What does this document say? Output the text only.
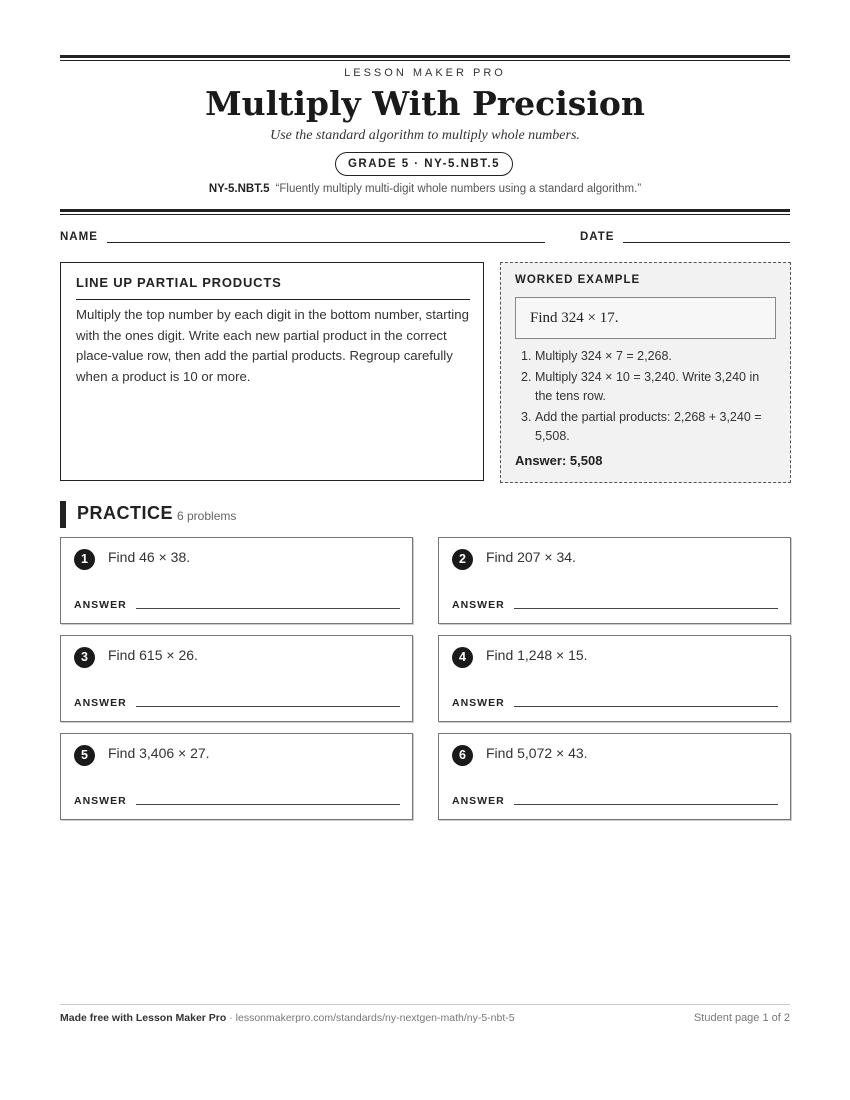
LESSON MAKER PRO
Multiply With Precision
Use the standard algorithm to multiply whole numbers.
GRADE 5 · NY-5.NBT.5
NY-5.NBT.5 “Fluently multiply multi-digit whole numbers using a standard algorithm.”
NAME	DATE
LINE UP PARTIAL PRODUCTS
Multiply the top number by each digit in the bottom number, starting with the ones digit. Write each new partial product in the correct place-value row, then add the partial products. Regroup carefully when a product is 10 or more.
WORKED EXAMPLE
Find 324 × 17.
1. Multiply 324 × 7 = 2,268.
2. Multiply 324 × 10 = 3,240. Write 3,240 in the tens row.
3. Add the partial products: 2,268 + 3,240 = 5,508.
Answer: 5,508
PRACTICE 6 problems
1	Find 46 × 38.
ANSWER
2	Find 207 × 34.
ANSWER
3	Find 615 × 26.
ANSWER
4	Find 1,248 × 15.
ANSWER
5	Find 3,406 × 27.
ANSWER
6	Find 5,072 × 43.
ANSWER
Made free with Lesson Maker Pro · lessonmakerpro.com/standards/ny-nextgen-math/ny-5-nbt-5	Student page 1 of 2
